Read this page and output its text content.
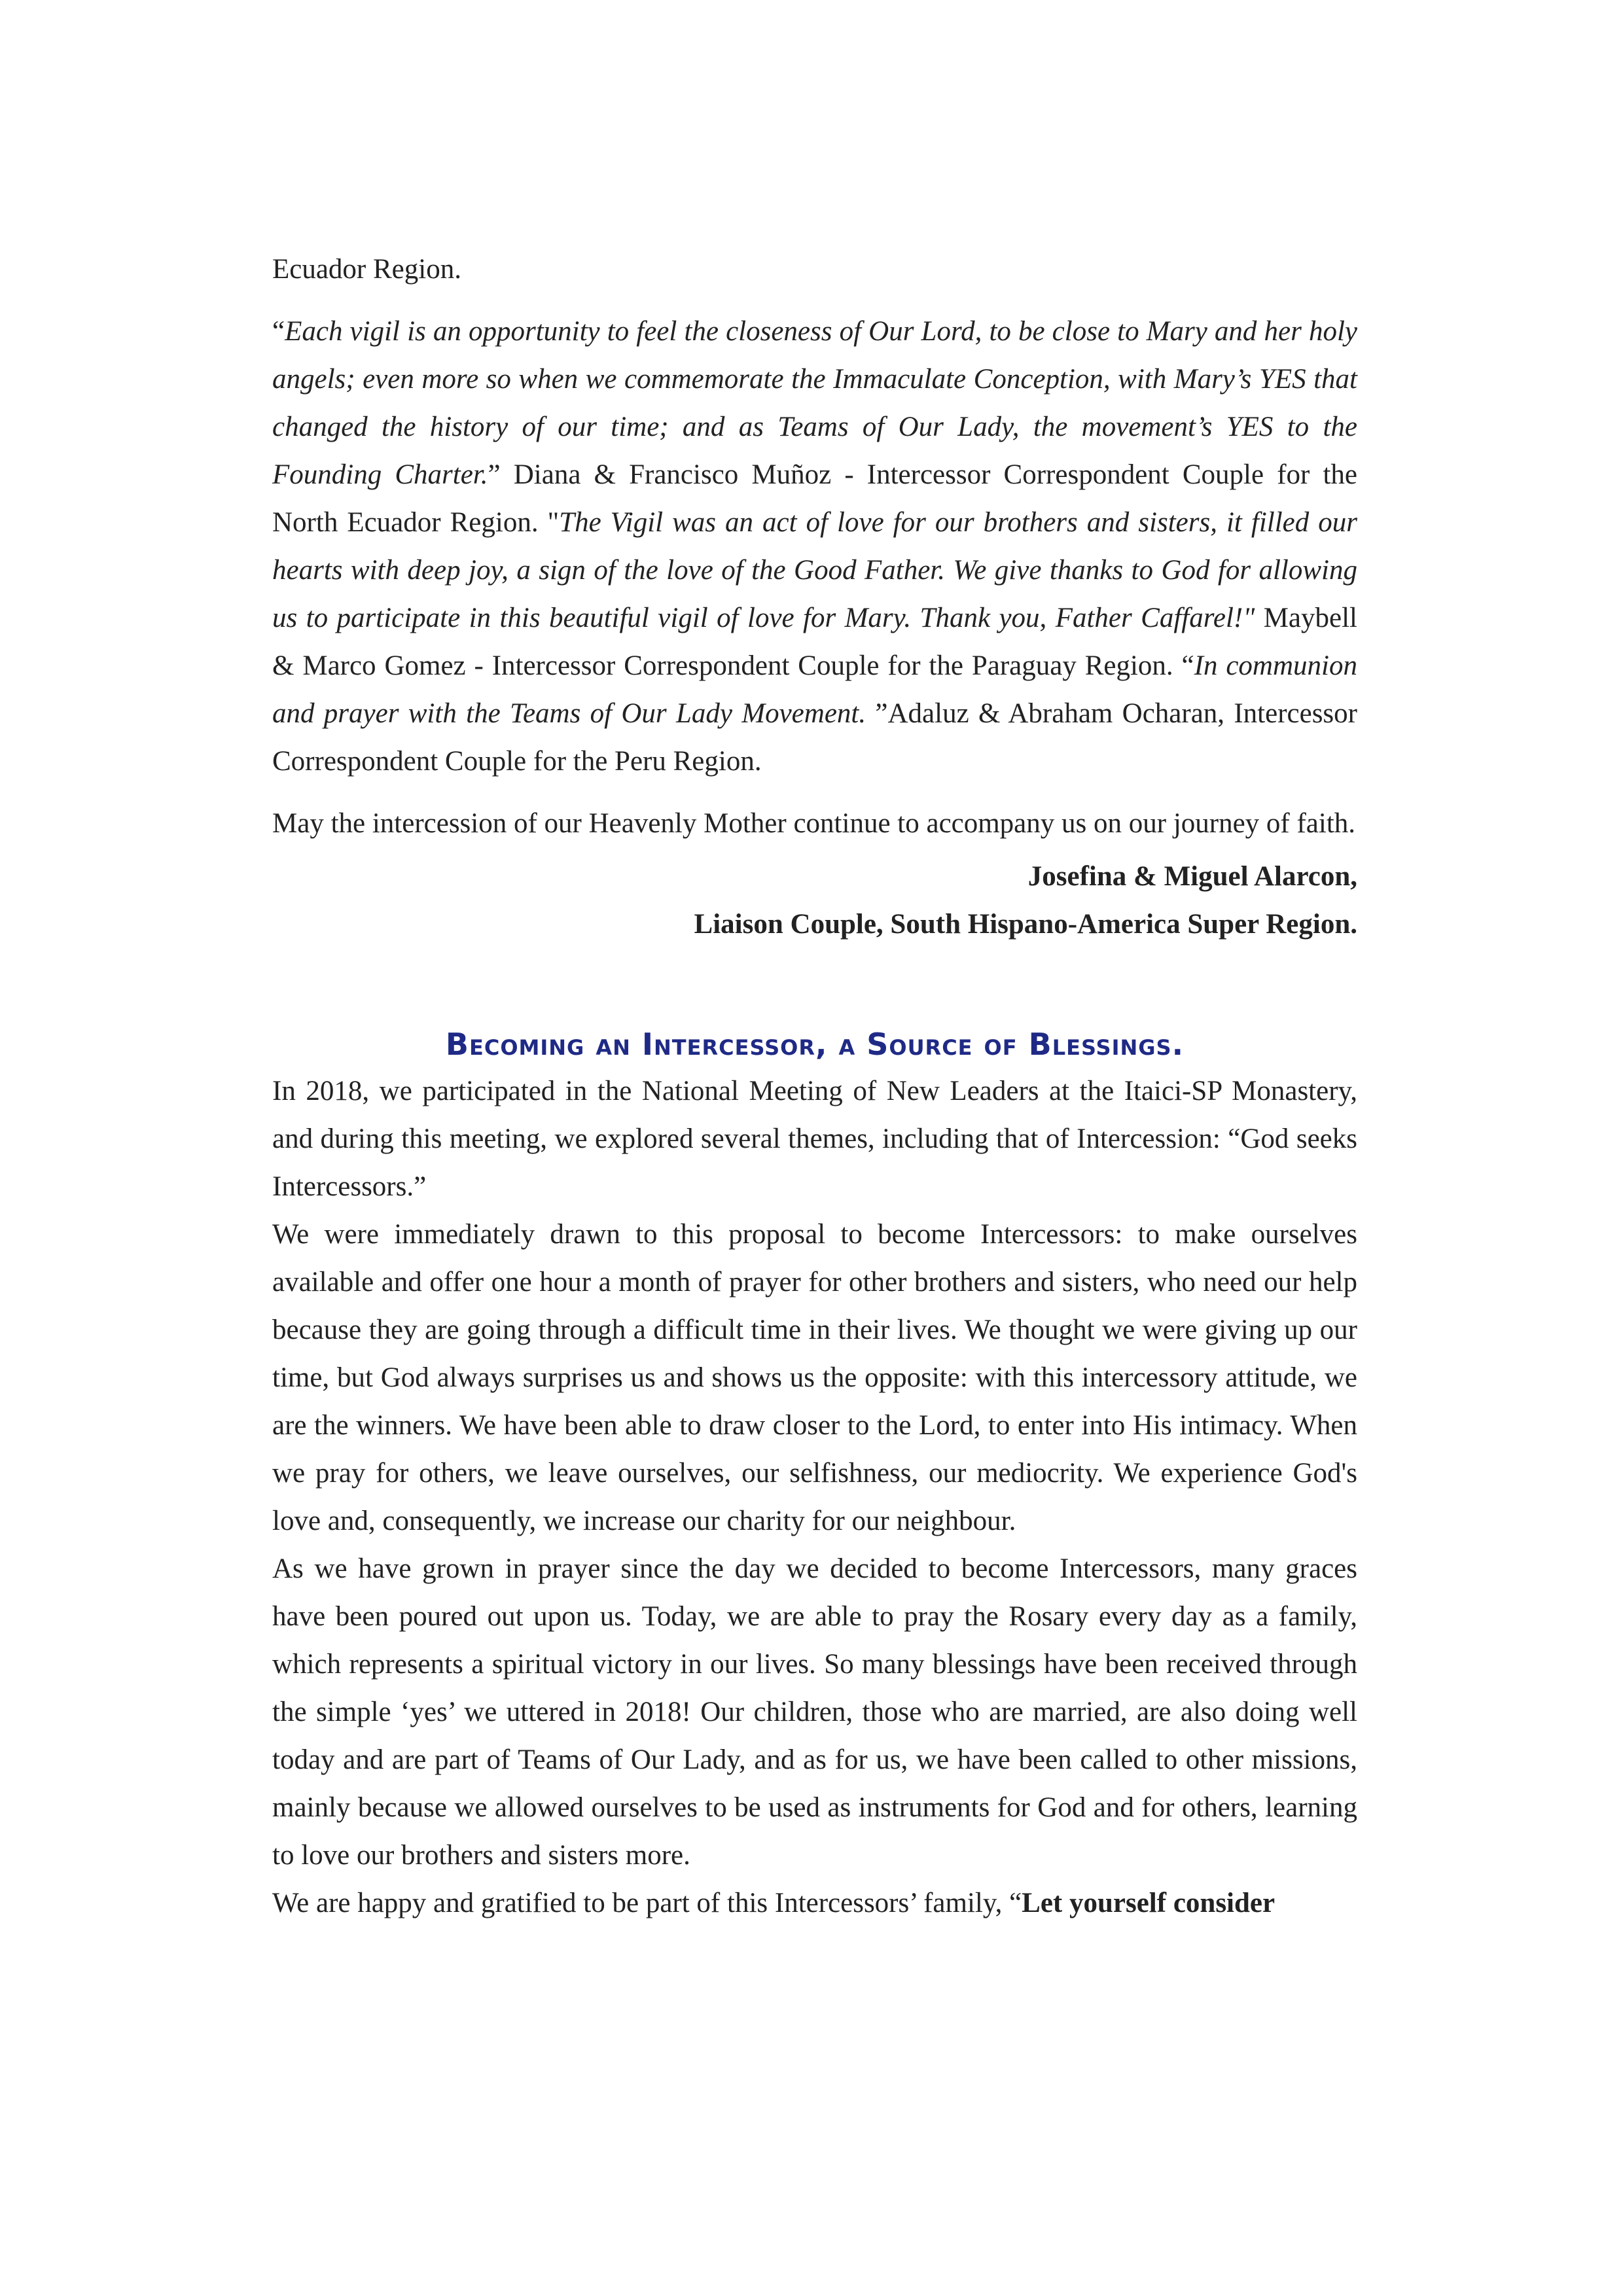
Ecuador Region.

“Each vigil is an opportunity to feel the closeness of Our Lord, to be close to Mary and her holy angels; even more so when we commemorate the Immaculate Conception, with Mary’s YES that changed the history of our time; and as Teams of Our Lady, the movement’s YES to the Founding Charter.” Diana & Francisco Muñoz - Intercessor Correspondent Couple for the North Ecuador Region. "The Vigil was an act of love for our brothers and sisters, it filled our hearts with deep joy, a sign of the love of the Good Father. We give thanks to God for allowing us to participate in this beautiful vigil of love for Mary. Thank you, Father Caffarel!" Maybell & Marco Gomez - Intercessor Correspondent Couple for the Paraguay Region. “In communion and prayer with the Teams of Our Lady Movement. ”Adaluz & Abraham Ocharan, Intercessor Correspondent Couple for the Peru Region.

May the intercession of our Heavenly Mother continue to accompany us on our journey of faith.

Josefina & Miguel Alarcon,

Liaison Couple, South Hispano-America Super Region.

Becoming an Intercessor, a Source of Blessings.

In 2018, we participated in the National Meeting of New Leaders at the Itaici-SP Monastery, and during this meeting, we explored several themes, including that of Intercession: “God seeks Intercessors.”

We were immediately drawn to this proposal to become Intercessors: to make ourselves available and offer one hour a month of prayer for other brothers and sisters, who need our help because they are going through a difficult time in their lives. We thought we were giving up our time, but God always surprises us and shows us the opposite: with this intercessory attitude, we are the winners. We have been able to draw closer to the Lord, to enter into His intimacy. When we pray for others, we leave ourselves, our selfishness, our mediocrity. We experience God's love and, consequently, we increase our charity for our neighbour.

As we have grown in prayer since the day we decided to become Intercessors, many graces have been poured out upon us. Today, we are able to pray the Rosary every day as a family, which represents a spiritual victory in our lives. So many blessings have been received through the simple ‘yes’ we uttered in 2018! Our children, those who are married, are also doing well today and are part of Teams of Our Lady, and as for us, we have been called to other missions, mainly because we allowed ourselves to be used as instruments for God and for others, learning to love our brothers and sisters more.

We are happy and gratified to be part of this Intercessors’ family, “Let yourself consider
